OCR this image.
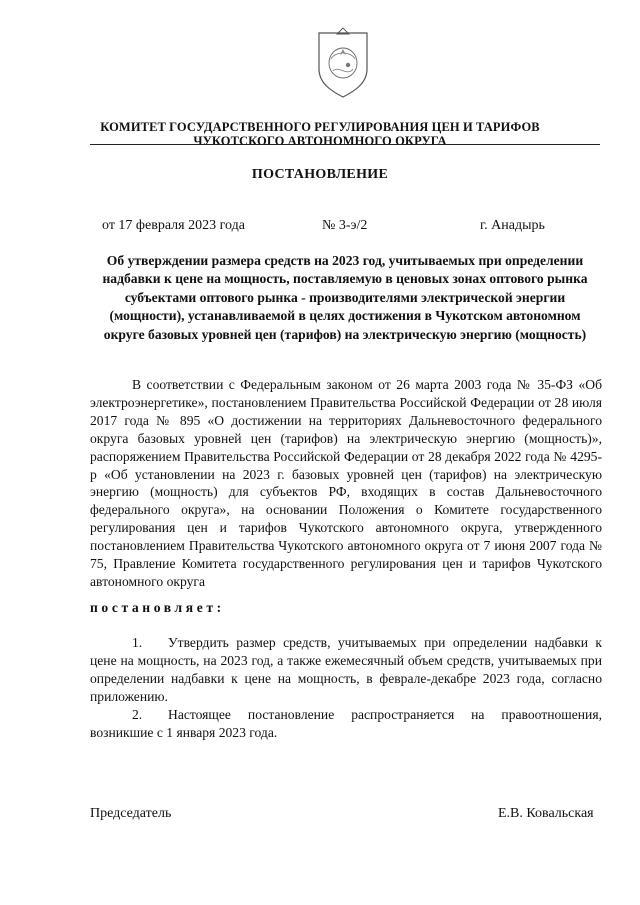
КОМИТЕТ ГОСУДАРСТВЕННОГО РЕГУЛИРОВАНИЯ ЦЕН И ТАРИФОВ
ЧУКОТСКОГО АВТОНОМНОГО ОКРУГА
ПОСТАНОВЛЕНИЕ
от 17 февраля 2023 года	№ 3-э/2	г. Анадырь
Об утверждении размера средств на 2023 год, учитываемых при определении надбавки к цене на мощность, поставляемую в ценовых зонах оптового рынка субъектами оптового рынка - производителями электрической энергии (мощности), устанавливаемой в целях достижения в Чукотском автономном округе базовых уровней цен (тарифов) на электрическую энергию (мощность)

В соответствии с Федеральным законом от 26 марта 2003 года № 35-ФЗ «Об электроэнергетике», постановлением Правительства Российской Федерации от 28 июля 2017 года № 895 «О достижении на территориях Дальневосточного федерального округа базовых уровней цен (тарифов) на электрическую энергию (мощность)», распоряжением Правительства Российской Федерации от 28 декабря 2022 года № 4295-р «Об установлении на 2023 г. базовых уровней цен (тарифов) на электрическую энергию (мощность) для субъектов РФ, входящих в состав Дальневосточного федерального округа», на основании Положения о Комитете государственного регулирования цен и тарифов Чукотского автономного округа, утвержденного постановлением Правительства Чукотского автономного округа от 7 июня 2007 года № 75, Правление Комитета государственного регулирования цен и тарифов Чукотского автономного округа

постановляет:

1. Утвердить размер средств, учитываемых при определении надбавки к цене на мощность, на 2023 год, а также ежемесячный объем средств, учитываемых при определении надбавки к цене на мощность, в феврале-декабре 2023 года, согласно приложению.

2. Настоящее постановление распространяется на правоотношения, возникшие с 1 января 2023 года.

Председатель	Е.В. Ковальская
